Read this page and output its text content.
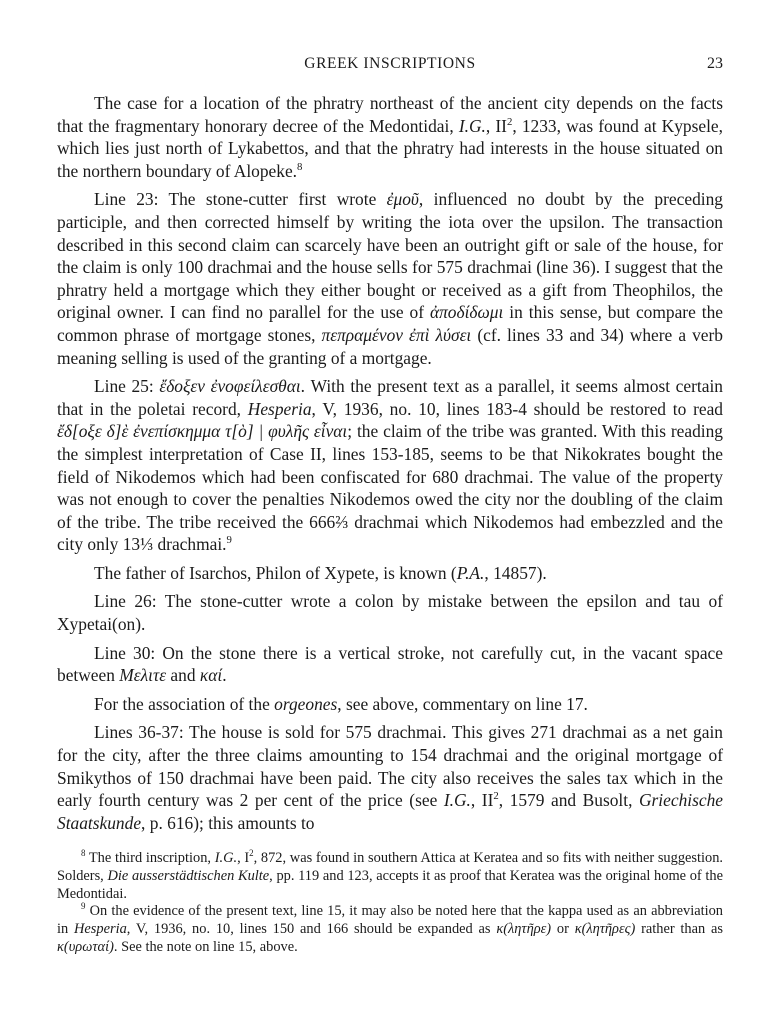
GREEK INSCRIPTIONS	23

The case for a location of the phratry northeast of the ancient city depends on the facts that the fragmentary honorary decree of the Medontidai, I.G., $II^2$, 1233, was found at Kypsele, which lies just north of Lykabettos, and that the phratry had interests in the house situated on the northern boundary of Alopeke.$^8$

Line 23: The stone-cutter first wrote ἐμοῦ, influenced no doubt by the preceding participle, and then corrected himself by writing the iota over the upsilon. The transaction described in this second claim can scarcely have been an outright gift or sale of the house, for the claim is only 100 drachmai and the house sells for 575 drachmai (line 36). I suggest that the phratry held a mortgage which they either bought or received as a gift from Theophilos, the original owner. I can find no parallel for the use of ἀποδίδωμι in this sense, but compare the common phrase of mortgage stones, πεπραμένον ἐπὶ λύσει (cf. lines 33 and 34) where a verb meaning selling is used of the granting of a mortgage.

Line 25: ἔδοξεν ἐνοφείλεσθαι. With the present text as a parallel, it seems almost certain that in the poletai record, Hesperia, V, 1936, no. 10, lines 183-4 should be restored to read ἔδ[οξε δ]ὲ ἐνεπίσκημμα τ[ὸ] | φυλῆς εἶναι; the claim of the tribe was granted. With this reading the simplest interpretation of Case II, lines 153-185, seems to be that Nikokrates bought the field of Nikodemos which had been confiscated for 680 drachmai. The value of the property was not enough to cover the penalties Nikodemos owed the city nor the doubling of the claim of the tribe. The tribe received the 666⅔ drachmai which Nikodemos had embezzled and the city only 13⅓ drachmai.$^9$

The father of Isarchos, Philon of Xypete, is known (P.A., 14857).

Line 26: The stone-cutter wrote a colon by mistake between the epsilon and tau of Xypetai(on).

Line 30: On the stone there is a vertical stroke, not carefully cut, in the vacant space between Μελιτε and καί.

For the association of the orgeones, see above, commentary on line 17.

Lines 36-37: The house is sold for 575 drachmai. This gives 271 drachmai as a net gain for the city, after the three claims amounting to 154 drachmai and the original mortgage of Smikythos of 150 drachmai have been paid. The city also receives the sales tax which in the early fourth century was 2 per cent of the price (see I.G., $II^2$, 1579 and Busolt, Griechische Staatskunde, p. 616); this amounts to

$^8$ The third inscription, I.G., $I^2$, 872, was found in southern Attica at Keratea and so fits with neither suggestion. Solders, Die ausserstädtischen Kulte, pp. 119 and 123, accepts it as proof that Keratea was the original home of the Medontidai.

$^9$ On the evidence of the present text, line 15, it may also be noted here that the kappa used as an abbreviation in Hesperia, V, 1936, no. 10, lines 150 and 166 should be expanded as κ(λητῆρε) or κ(λητῆρες) rather than as κ(υρωταί). See the note on line 15, above.
